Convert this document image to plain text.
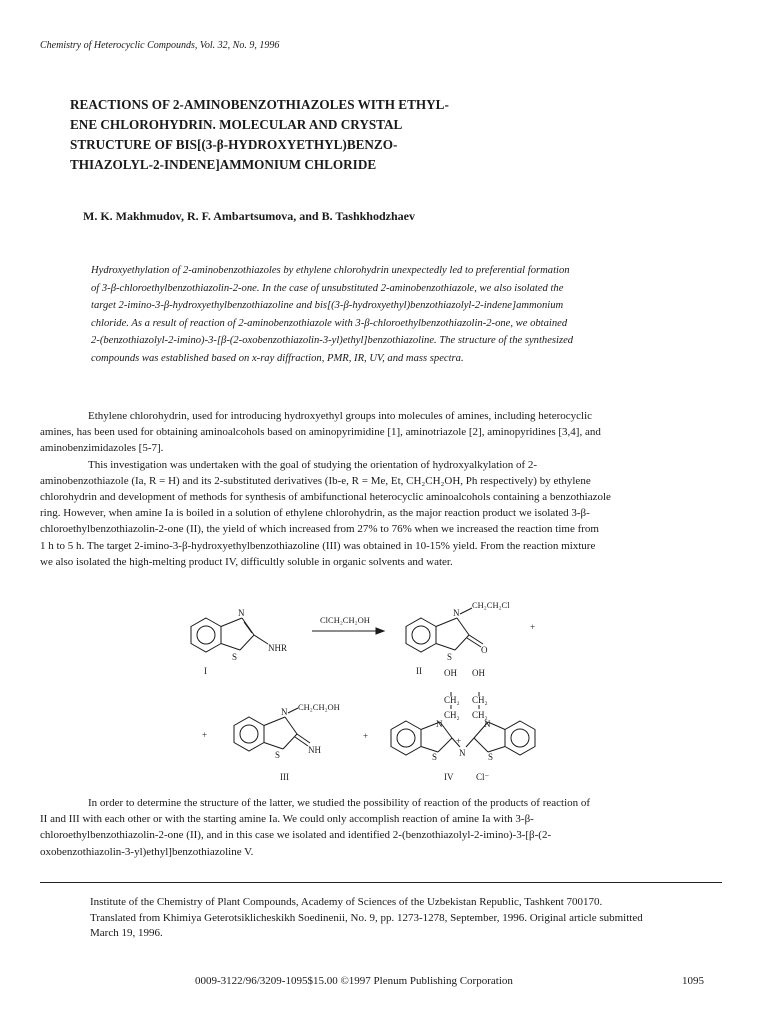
Chemistry of Heterocyclic Compounds, Vol. 32, No. 9, 1996
REACTIONS OF 2-AMINOBENZOTHIAZOLES WITH ETHYL-
ENE CHLOROHYDRIN. MOLECULAR AND CRYSTAL
STRUCTURE OF BIS[(3-β-HYDROXYETHYL)BENZO-
THIAZOLYL-2-INDENE]AMMONIUM CHLORIDE
M. K. Makhmudov, R. F. Ambartsumova, and B. Tashkhodzhaev
Hydroxyethylation of 2-aminobenzothiazoles by ethylene chlorohydrin unexpectedly led to preferential formation
of 3-β-chloroethylbenzothiazolin-2-one. In the case of unsubstituted 2-aminobenzothiazole, we also isolated the
target 2-imino-3-β-hydroxyethylbenzothiazoline and bis[(3-β-hydroxyethyl)benzothiazolyl-2-indene]ammonium
chloride. As a result of reaction of 2-aminobenzothiazole with 3-β-chloroethylbenzothiazolin-2-one, we obtained
2-(benzothiazolyl-2-imino)-3-[β-(2-oxobenzothiazolin-3-yl)ethyl]benzothiazoline. The structure of the synthesized
compounds was established based on x-ray diffraction, PMR, IR, UV, and mass spectra.
Ethylene chlorohydrin, used for introducing hydroxyethyl groups into molecules of amines, including heterocyclic
amines, has been used for obtaining aminoalcohols based on aminopyrimidine [1], aminotriazole [2], aminopyridines [3,4], and
aminobenzimidazoles [5-7].
This investigation was undertaken with the goal of studying the orientation of hydroxyalkylation of 2-
aminobenzothiazole (Ia, R = H) and its 2-substituted derivatives (Ib-e, R = Me, Et, CH₂CH₂OH, Ph respectively) by ethylene
chlorohydrin and development of methods for synthesis of ambifunctional heterocyclic aminoalcohols containing a benzothiazole
ring. However, when amine Ia is boiled in a solution of ethylene chlorohydrin, as the major reaction product we isolated 3-β-
chloroethylbenzothiazolin-2-one (II), the yield of which increased from 27% to 76% when we increased the reaction time from
1 h to 5 h. The target 2-imino-3-β-hydroxyethylbenzothiazoline (III) was obtained in 10-15% yield. From the reaction mixture
we also isolated the high-melting product IV, difficultly soluble in organic solvents and water.
N
S
NHR
I
ClCH₂CH₂OH
N
CH₂CH₂Cl
S
O
II
+
+
N CH₂CH₂OH
S	NH
III
+
OH OH
CH₂ CH₂
CH₂ CH₂
N	N
+
N
S	S
IV	Cl⁻
In order to determine the structure of the latter, we studied the possibility of reaction of the products of reaction of
II and III with each other or with the starting amine Ia. We could only accomplish reaction of amine Ia with 3-β-
chloroethylbenzothiazolin-2-one (II), and in this case we isolated and identified 2-(benzothiazolyl-2-imino)-3-[β-(2-
oxobenzothiazolin-3-yl)ethyl]benzothiazoline V.
Institute of the Chemistry of Plant Compounds, Academy of Sciences of the Uzbekistan Republic, Tashkent 700170.
Translated from Khimiya Geterotsiklicheskikh Soedinenii, No. 9, pp. 1273-1278, September, 1996. Original article submitted
March 19, 1996.
0009-3122/96/3209-1095$15.00 ©1997 Plenum Publishing Corporation	1095
